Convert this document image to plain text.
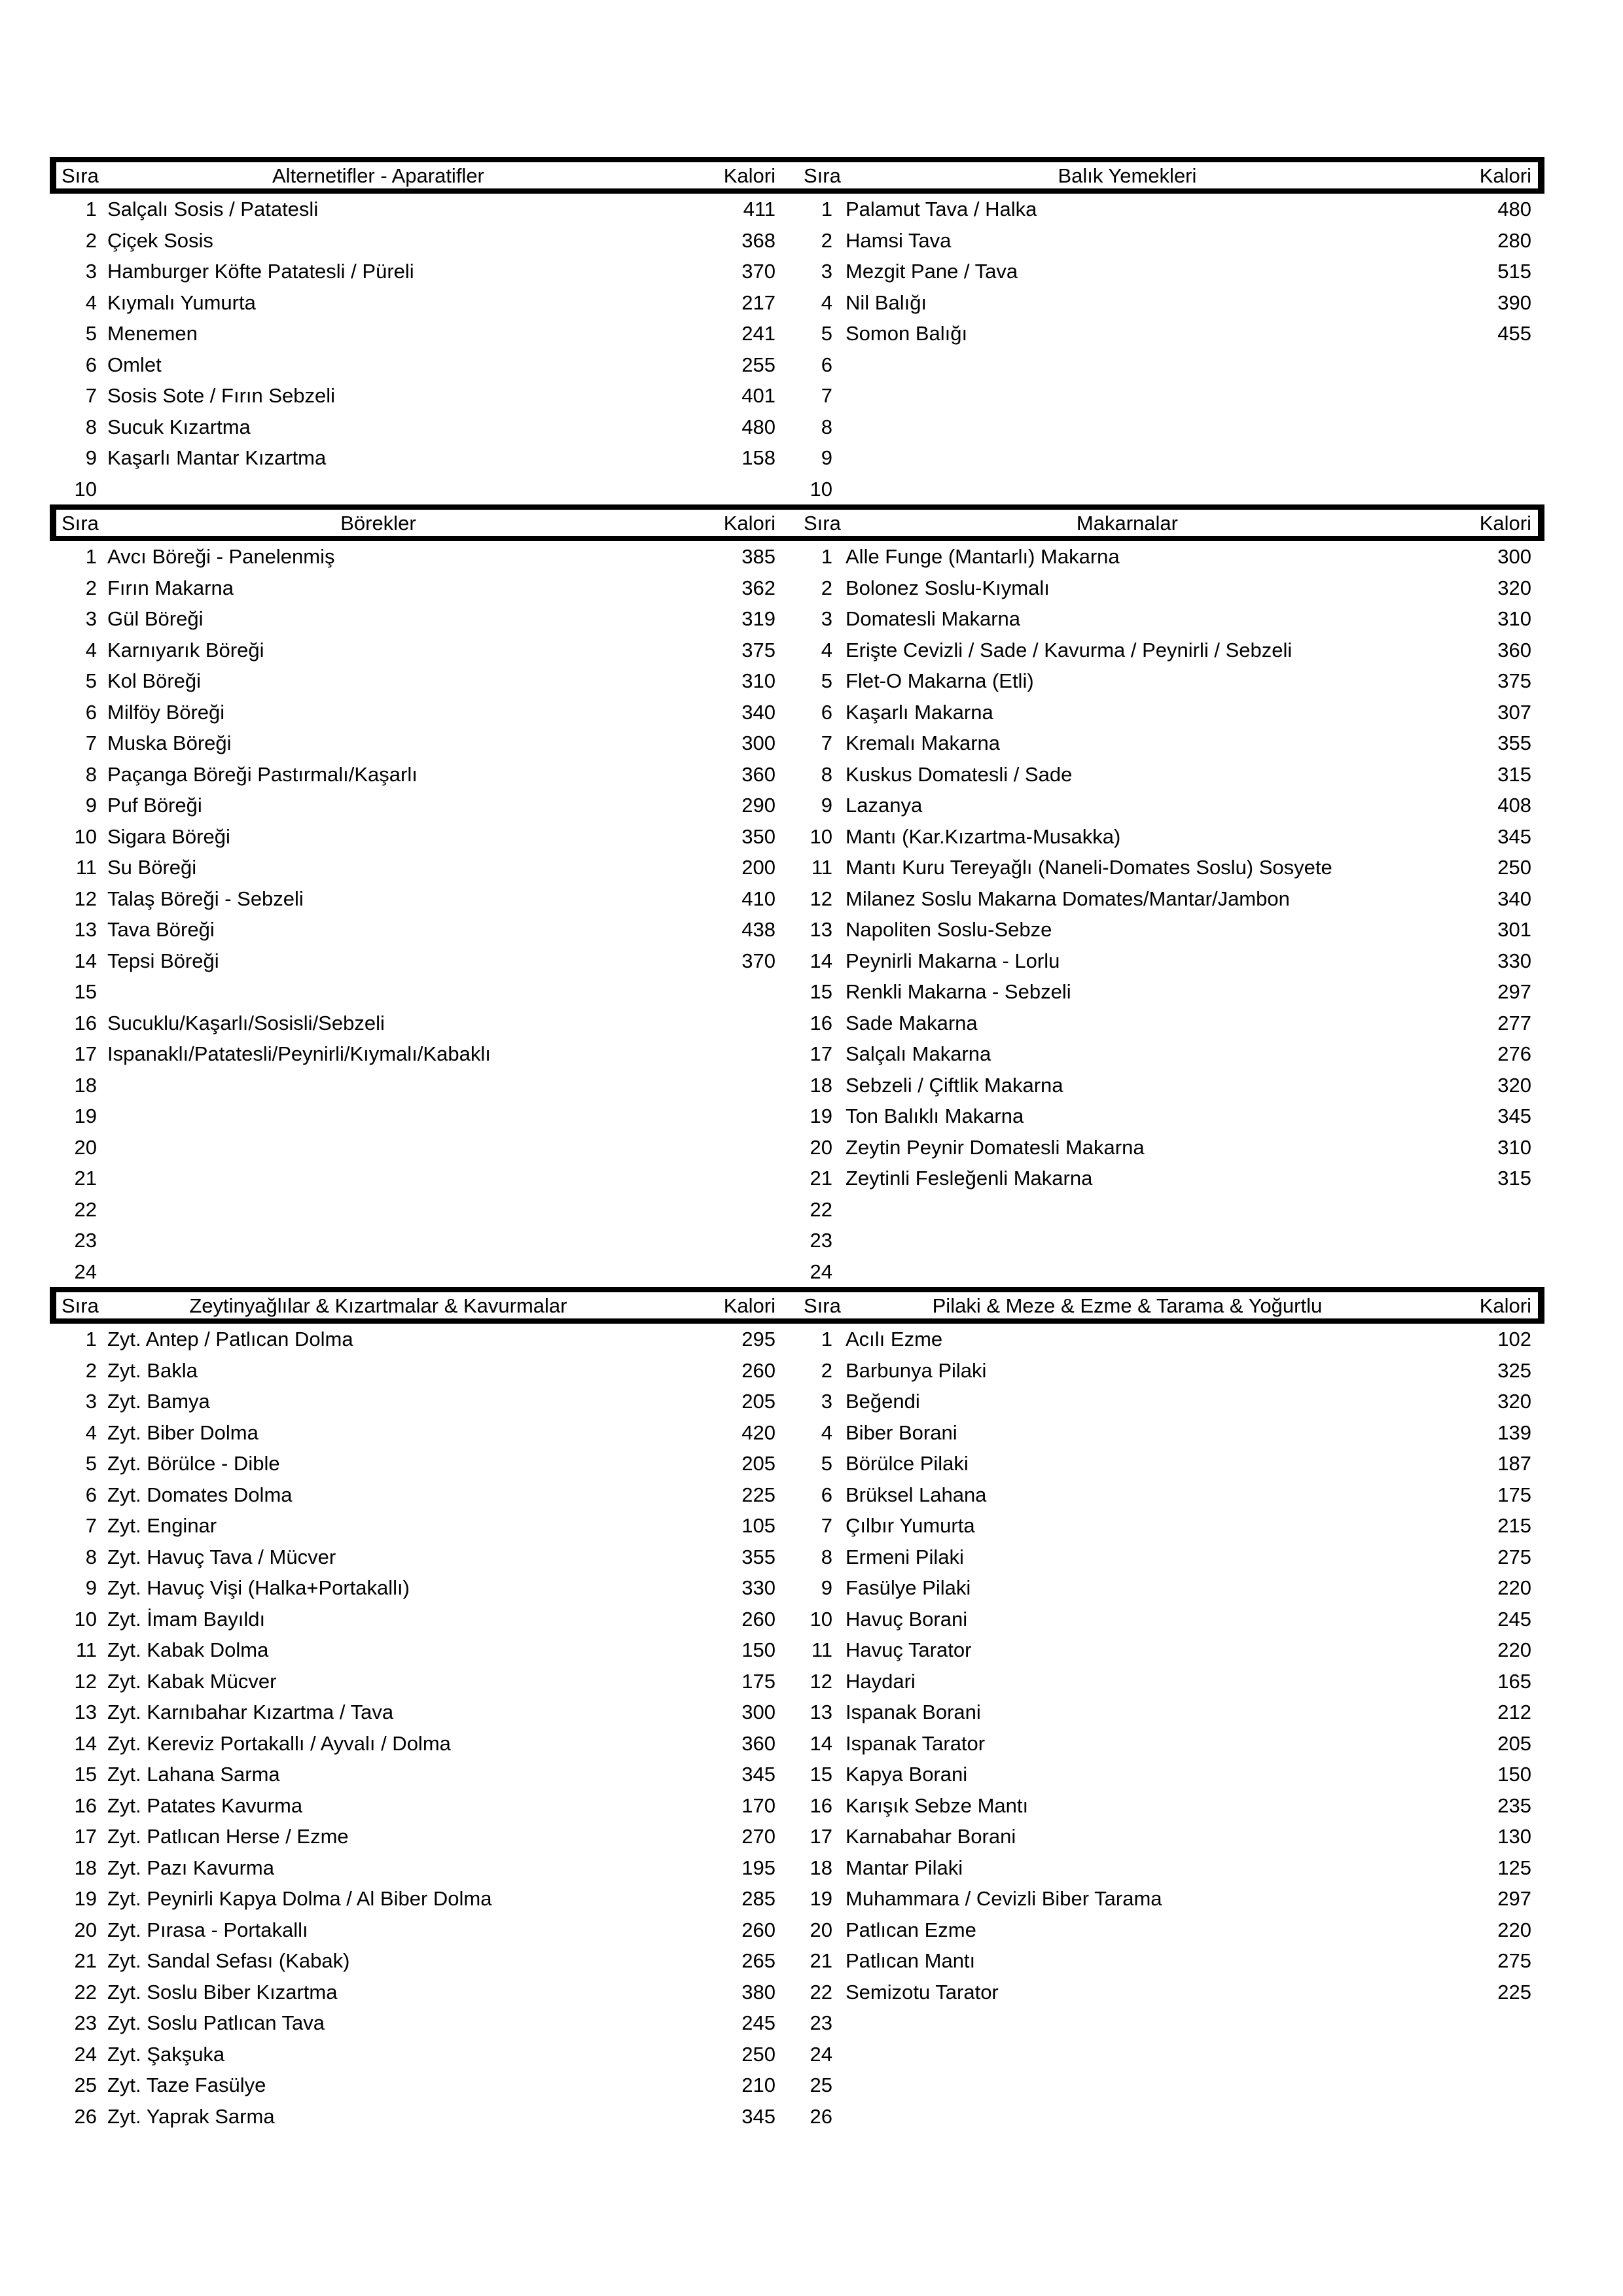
Sıra	Alternetifler - Aparatifler	Kalori	Sıra	Balık Yemekleri	Kalori
1 Salçalı Sosis / Patatesli	411	1 Palamut Tava / Halka	480
2 Çiçek Sosis	368	2 Hamsi Tava	280
3 Hamburger Köfte Patatesli / Püreli	370	3 Mezgit Pane / Tava	515
4 Kıymalı Yumurta	217	4 Nil Balığı	390
5 Menemen	241	5 Somon Balığı	455
6 Omlet	255	6
7 Sosis Sote / Fırın Sebzeli	401	7
8 Sucuk Kızartma	480	8
9 Kaşarlı Mantar Kızartma	158	9
10	10
Sıra	Börekler	Kalori	Sıra	Makarnalar	Kalori
1 Avcı Böreği - Panelenmiş	385	1 Alle Funge (Mantarlı) Makarna	300
2 Fırın Makarna	362	2 Bolonez Soslu-Kıymalı	320
3 Gül Böreği	319	3 Domatesli Makarna	310
4 Karnıyarık Böreği	375	4 Erişte Cevizli / Sade / Kavurma / Peynirli / Sebzeli	360
5 Kol Böreği	310	5 Flet-O Makarna (Etli)	375
6 Milföy Böreği	340	6 Kaşarlı Makarna	307
7 Muska Böreği	300	7 Kremalı Makarna	355
8 Paçanga Böreği Pastırmalı/Kaşarlı	360	8 Kuskus Domatesli / Sade	315
9 Puf Böreği	290	9 Lazanya	408
10 Sigara Böreği	350	10 Mantı (Kar.Kızartma-Musakka)	345
11 Su Böreği	200	11 Mantı Kuru Tereyağlı (Naneli-Domates Soslu) Sosyete	250
12 Talaş Böreği - Sebzeli	410	12 Milanez Soslu Makarna Domates/Mantar/Jambon	340
13 Tava Böreği	438	13 Napoliten Soslu-Sebze	301
14 Tepsi Böreği	370	14 Peynirli Makarna - Lorlu	330
15	15 Renkli Makarna - Sebzeli	297
16 Sucuklu/Kaşarlı/Sosisli/Sebzeli	16 Sade Makarna	277
17 Ispanaklı/Patatesli/Peynirli/Kıymalı/Kabaklı	17 Salçalı Makarna	276
18	18 Sebzeli / Çiftlik Makarna	320
19	19 Ton Balıklı Makarna	345
20	20 Zeytin Peynir Domatesli Makarna	310
21	21 Zeytinli Fesleğenli Makarna	315
22	22
23	23
24	24
Sıra	Zeytinyağlılar & Kızartmalar & Kavurmalar	Kalori	Sıra	Pilaki & Meze & Ezme & Tarama & Yoğurtlu	Kalori
1 Zyt. Antep / Patlıcan Dolma	295	1 Acılı Ezme	102
2 Zyt. Bakla	260	2 Barbunya Pilaki	325
3 Zyt. Bamya	205	3 Beğendi	320
4 Zyt. Biber Dolma	420	4 Biber Borani	139
5 Zyt. Börülce - Dible	205	5 Börülce Pilaki	187
6 Zyt. Domates Dolma	225	6 Brüksel Lahana	175
7 Zyt. Enginar	105	7 Çılbır Yumurta	215
8 Zyt. Havuç Tava / Mücver	355	8 Ermeni Pilaki	275
9 Zyt. Havuç Vişi (Halka+Portakallı)	330	9 Fasülye Pilaki	220
10 Zyt. İmam Bayıldı	260	10 Havuç Borani	245
11 Zyt. Kabak Dolma	150	11 Havuç Tarator	220
12 Zyt. Kabak Mücver	175	12 Haydari	165
13 Zyt. Karnıbahar Kızartma / Tava	300	13 Ispanak Borani	212
14 Zyt. Kereviz Portakallı / Ayvalı / Dolma	360	14 Ispanak Tarator	205
15 Zyt. Lahana Sarma	345	15 Kapya Borani	150
16 Zyt. Patates Kavurma	170	16 Karışık Sebze Mantı	235
17 Zyt. Patlıcan Herse / Ezme	270	17 Karnabahar Borani	130
18 Zyt. Pazı Kavurma	195	18 Mantar Pilaki	125
19 Zyt. Peynirli Kapya Dolma / Al Biber Dolma	285	19 Muhammara / Cevizli Biber Tarama	297
20 Zyt. Pırasa - Portakallı	260	20 Patlıcan Ezme	220
21 Zyt. Sandal Sefası (Kabak)	265	21 Patlıcan Mantı	275
22 Zyt. Soslu Biber Kızartma	380	22 Semizotu Tarator	225
23 Zyt. Soslu Patlıcan Tava	245	23
24 Zyt. Şakşuka	250	24
25 Zyt. Taze Fasülye	210	25
26 Zyt. Yaprak Sarma	345	26
